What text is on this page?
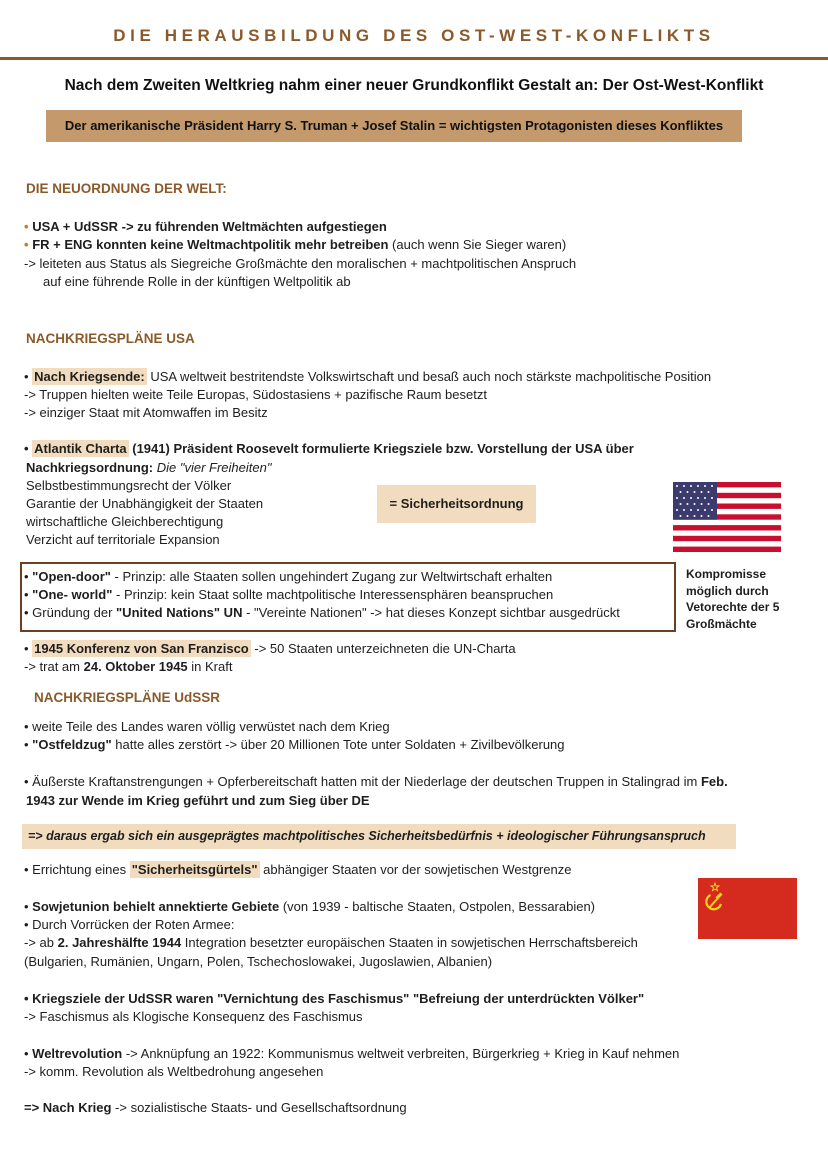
DIE HERAUSBILDUNG DES OST-WEST-KONFLIKTS
Nach dem Zweiten Weltkrieg nahm einer neuer Grundkonflikt Gestalt an: Der Ost-West-Konflikt
Der amerikanische Präsident Harry S. Truman + Josef Stalin = wichtigsten Protagonisten dieses Konfliktes
DIE NEUORDNUNG DER WELT:
• USA + UdSSR -> zu führenden Weltmächten aufgestiegen
• FR + ENG konnten keine Weltmachtpolitik mehr betreiben (auch wenn Sie Sieger waren)
-> leiteten aus Status als Siegreiche Großmächte den moralischen + machtpolitischen Anspruch
auf eine führende Rolle in der künftigen Weltpolitik ab
NACHKRIEGSPLÄNE USA
• Nach Kriegsende: USA weltweit bestritendste Volkswirtschaft und besaß auch noch stärkste machpolitische Position
-> Truppen hielten weite Teile Europas, Südostasiens + pazifische Raum besetzt
-> einziger Staat mit Atomwaffen im Besitz
• Atlantik Charta (1941) Präsident Roosevelt formulierte Kriegsziele bzw. Vorstellung der USA über
Nachkriegsordnung: Die "vier Freiheiten"
Selbstbestimmungsrecht der Völker
Garantie der Unabhängigkeit der Staaten
wirtschaftliche Gleichberechtigung
Verzicht auf territoriale Expansion
= Sicherheitsordnung
• "Open-door" - Prinzip: alle Staaten sollen ungehindert Zugang zur Weltwirtschaft erhalten
• "One- world" - Prinzip: kein Staat sollte machtpolitische Interessensphären beanspruchen
• Gründung der "United Nations" UN - "Vereinte Nationen" -> hat dieses Konzept sichtbar ausgedrückt
Kompromisse
möglich durch
Vetorechte der 5
Großmächte
• 1945 Konferenz von San Franzisco -> 50 Staaten unterzeichneten die UN-Charta
-> trat am 24. Oktober 1945 in Kraft
NACHKRIEGSPLÄNE UdSSR
• weite Teile des Landes waren völlig verwüstet nach dem Krieg
• "Ostfeldzug" hatte alles zerstört -> über 20 Millionen Tote unter Soldaten + Zivilbevölkerung
• Äußerste Kraftanstrengungen + Opferbereitschaft hatten mit der Niederlage der deutschen Truppen in Stalingrad im Feb.
1943 zur Wende im Krieg geführt und zum Sieg über DE
=> daraus ergab sich ein ausgeprägtes machtpolitisches Sicherheitsbedürfnis + ideologischer Führungsanspruch
• Errichtung eines "Sicherheitsgürtels" abhängiger Staaten vor der sowjetischen Westgrenze
• Sowjetunion behielt annektierte Gebiete (von 1939 - baltische Staaten, Ostpolen, Bessarabien)
• Durch Vorrücken der Roten Armee:
-> ab 2. Jahreshälfte 1944 Integration besetzter europäischen Staaten in sowjetischen Herrschaftsbereich
(Bulgarien, Rumänien, Ungarn, Polen, Tschechoslowakei, Jugoslawien, Albanien)
• Kriegsziele der UdSSR waren "Vernichtung des Faschismus" "Befreiung der unterdrückten Völker"
-> Faschismus als Klogische Konsequenz des Faschismus
• Weltrevolution -> Anknüpfung an 1922: Kommunismus weltweit verbreiten, Bürgerkrieg + Krieg in Kauf nehmen
-> komm. Revolution als Weltbedrohung angesehen
=> Nach Krieg -> sozialistische Staats- und Gesellschaftsordnung
